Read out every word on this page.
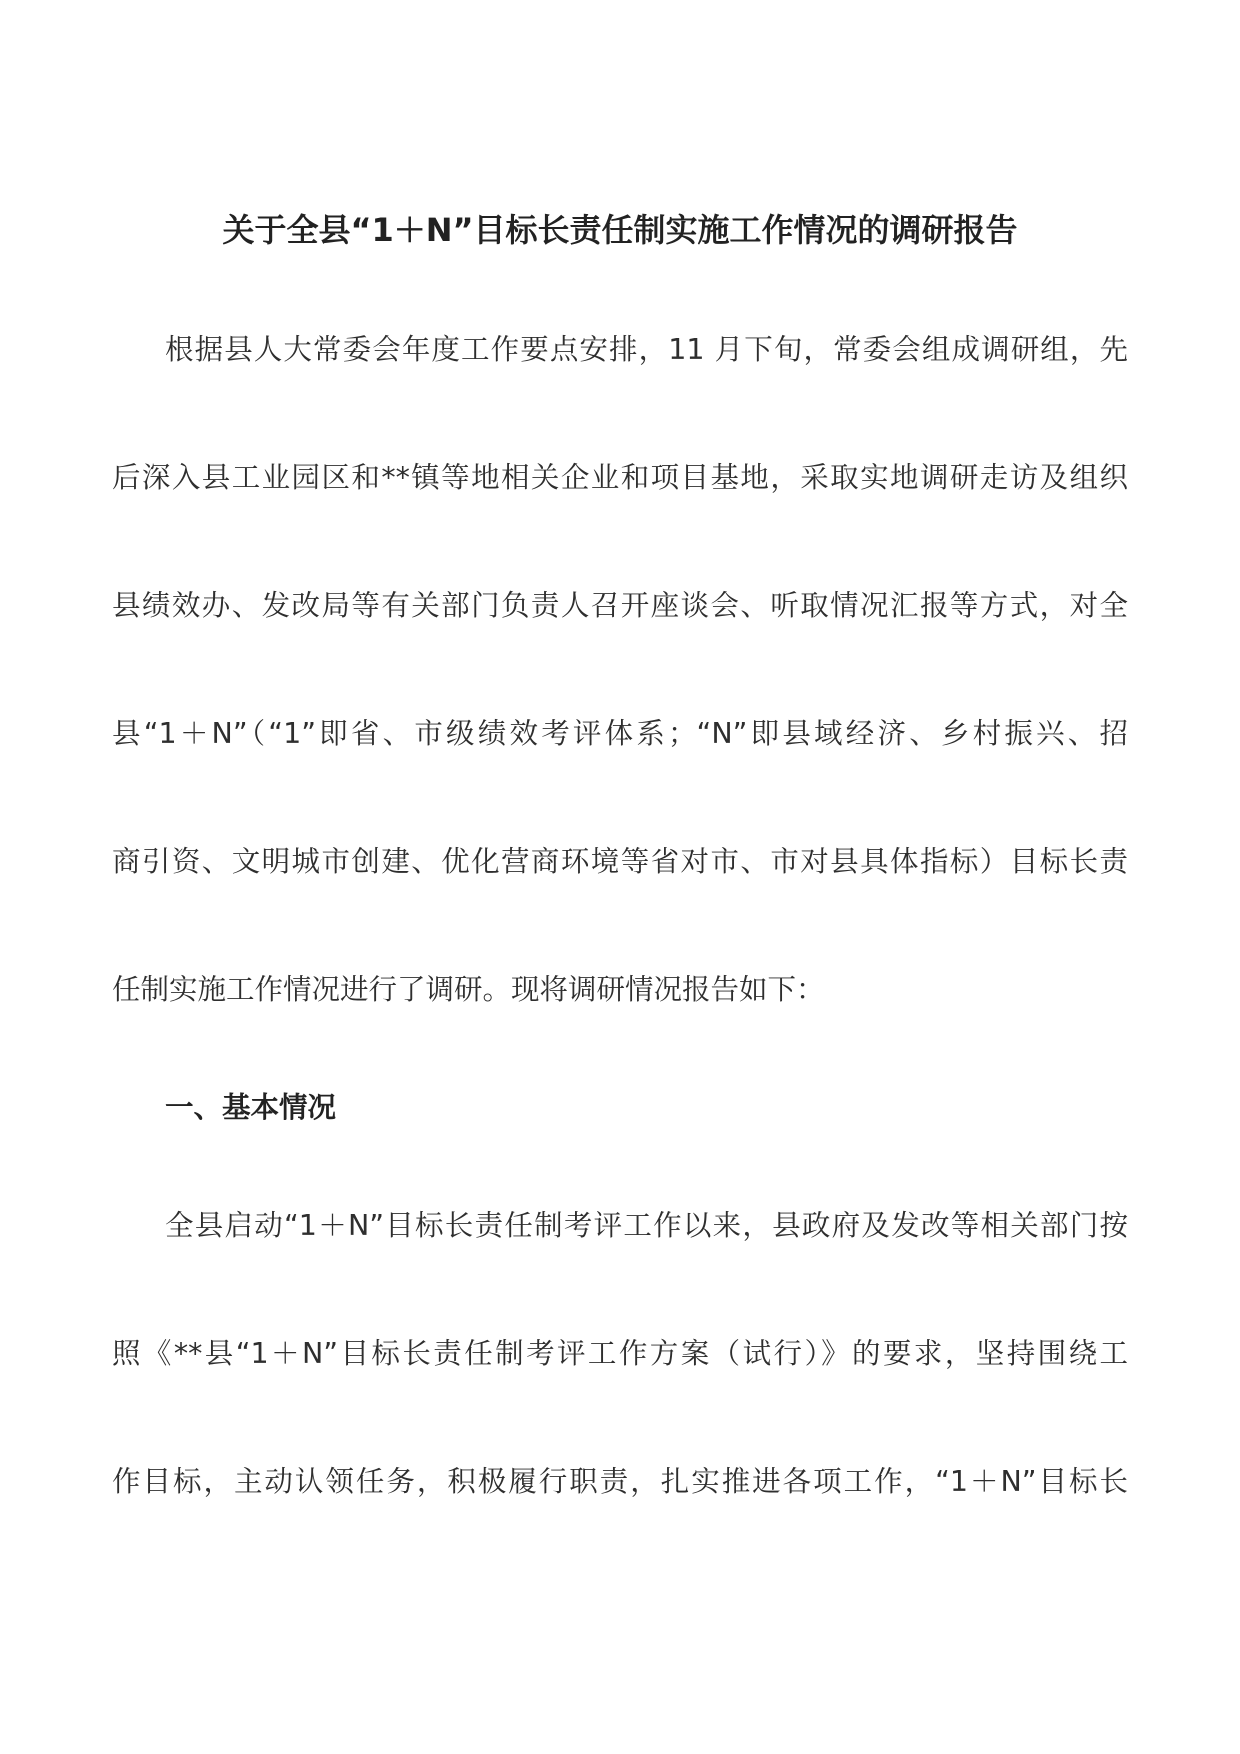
关于全县“1＋N”目标长责任制实施工作情况的调研报告
根据县人大常委会年度工作要点安排，11 月下旬，常委会组成调研组，先
后深入县工业园区和**镇等地相关企业和项目基地，采取实地调研走访及组织
县绩效办、发改局等有关部门负责人召开座谈会、听取情况汇报等方式，对全
县“1＋N”（“1”即省、市级绩效考评体系；“N”即县域经济、乡村振兴、招
商引资、文明城市创建、优化营商环境等省对市、市对县具体指标）目标长责
任制实施工作情况进行了调研。现将调研情况报告如下：
一、基本情况
全县启动“1＋N”目标长责任制考评工作以来，县政府及发改等相关部门按
照《**县“1＋N”目标长责任制考评工作方案（试行）》的要求，坚持围绕工
作目标，主动认领任务，积极履行职责，扎实推进各项工作，“1＋N”目标长
